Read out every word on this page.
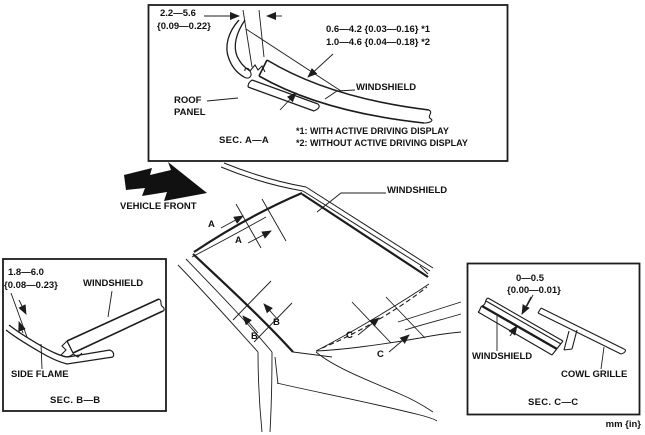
2.2—5.6
{0.09—0.22}	0.6—4.2 {0.03—0.16} *1
1.0—4.6 {0.04—0.18} *2
WINDSHIELD
ROOF
PANEL
SEC. A—A
*1: WITH ACTIVE DRIVING DISPLAY
*2: WITHOUT ACTIVE DRIVING DISPLAY
VEHICLE FRONT
WINDSHIELD
A
A
B
B	C
C
1.8—6.0
{0.08—0.23}	WINDSHIELD
SIDE FLAME
SEC. B—B
0—0.5
{0.00—0.01}
WINDSHIELD
COWL GRILLE
SEC. C—C
mm {in}
